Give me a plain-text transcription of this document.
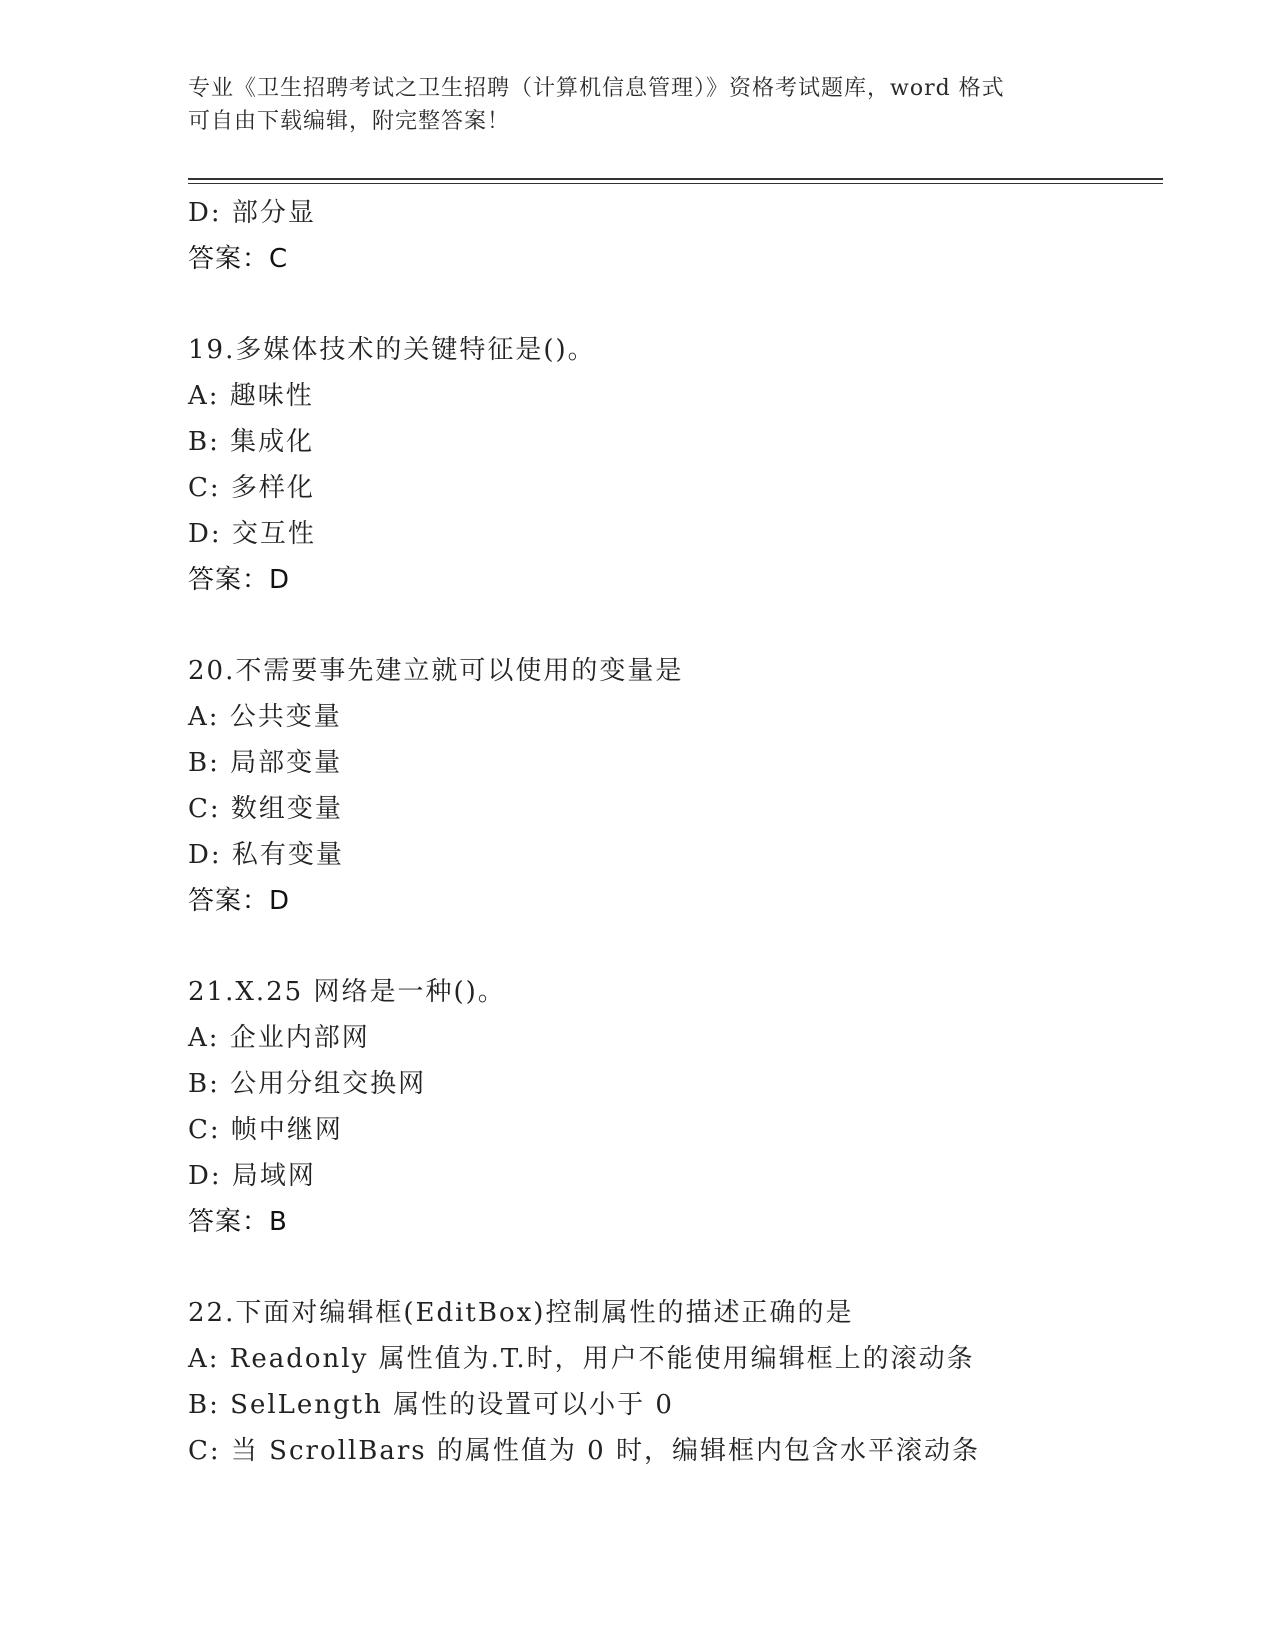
专业《卫生招聘考试之卫生招聘（计算机信息管理）》资格考试题库，word 格式
可自由下载编辑，附完整答案！
D: 部分显
答案：C
19.多媒体技术的关键特征是()。
A: 趣味性
B: 集成化
C: 多样化
D: 交互性
答案：D
20.不需要事先建立就可以使用的变量是
A: 公共变量
B: 局部变量
C: 数组变量
D: 私有变量
答案：D
21.X.25 网络是一种()。
A: 企业内部网
B: 公用分组交换网
C: 帧中继网
D: 局域网
答案：B
22.下面对编辑框(EditBox)控制属性的描述正确的是
A: Readonly 属性值为.T.时，用户不能使用编辑框上的滚动条
B: SelLength 属性的设置可以小于 0
C: 当 ScrollBars 的属性值为 0 时，编辑框内包含水平滚动条
